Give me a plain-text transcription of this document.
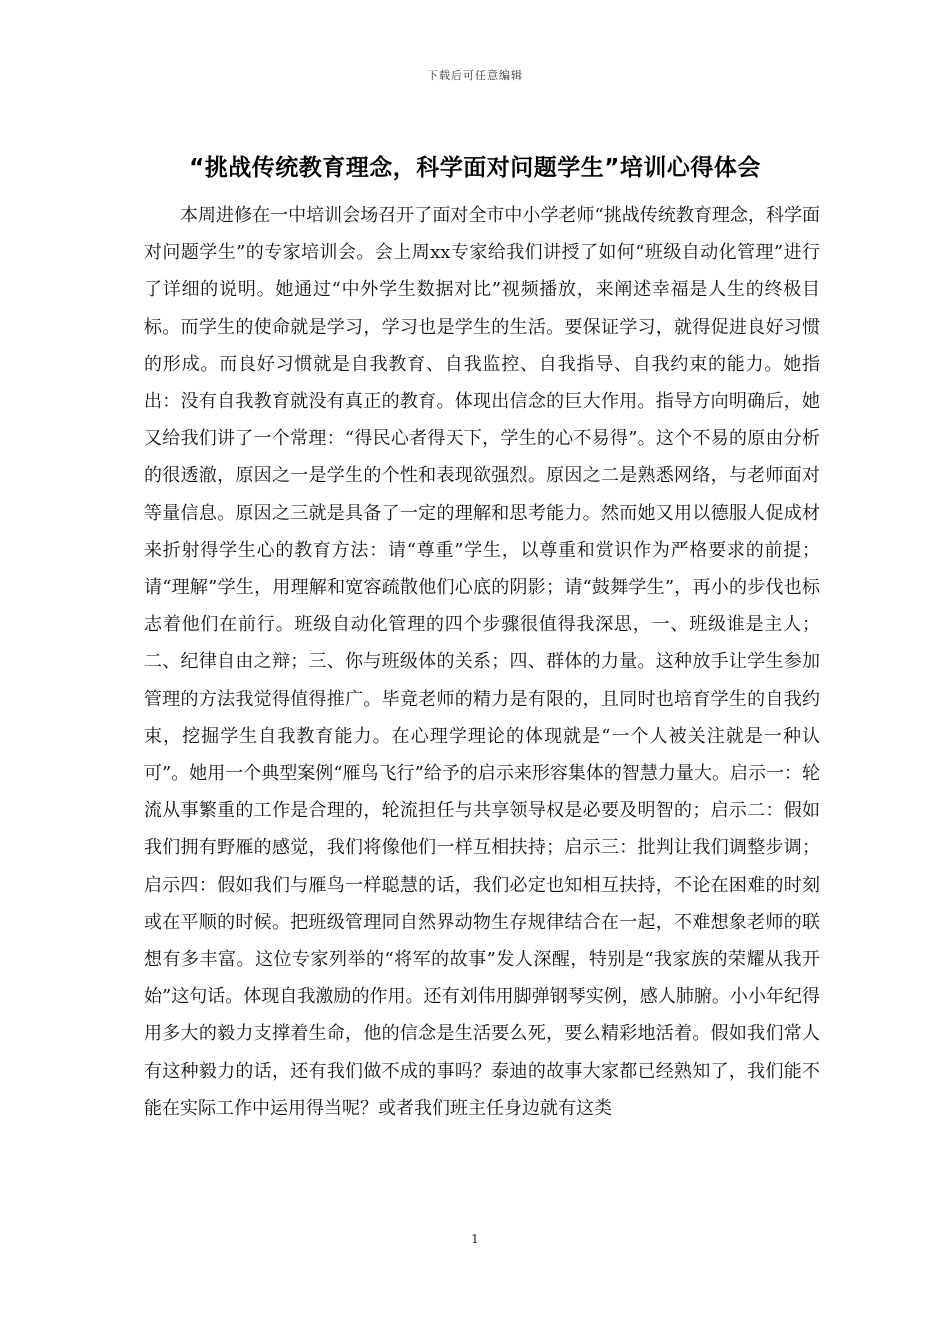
下载后可任意编辑
“挑战传统教育理念，科学面对问题学生”培训心得体会

本周进修在一中培训会场召开了面对全市中小学老师“挑战传统教育理念，科学面对问题学生”的专家培训会。会上周xx专家给我们讲授了如何“班级自动化管理”进行了详细的说明。她通过“中外学生数据对比”视频播放，来阐述幸福是人生的终极目标。而学生的使命就是学习，学习也是学生的生活。要保证学习，就得促进良好习惯的形成。而良好习惯就是自我教育、自我监控、自我指导、自我约束的能力。她指出：没有自我教育就没有真正的教育。体现出信念的巨大作用。指导方向明确后，她又给我们讲了一个常理：“得民心者得天下，学生的心不易得”。这个不易的原由分析的很透澈，原因之一是学生的个性和表现欲强烈。原因之二是熟悉网络，与老师面对等量信息。原因之三就是具备了一定的理解和思考能力。然而她又用以德服人促成材来折射得学生心的教育方法：请“尊重”学生，以尊重和赏识作为严格要求的前提；请“理解”学生，用理解和宽容疏散他们心底的阴影；请“鼓舞学生”，再小的步伐也标志着他们在前行。班级自动化管理的四个步骤很值得我深思，一、班级谁是主人；二、纪律自由之辩；三、你与班级体的关系；四、群体的力量。这种放手让学生参加管理的方法我觉得值得推广。毕竟老师的精力是有限的，且同时也培育学生的自我约束，挖掘学生自我教育能力。在心理学理论的体现就是“一个人被关注就是一种认可”。她用一个典型案例“雁鸟飞行”给予的启示来形容集体的智慧力量大。启示一：轮流从事繁重的工作是合理的，轮流担任与共享领导权是必要及明智的；启示二：假如我们拥有野雁的感觉，我们将像他们一样互相扶持；启示三：批判让我们调整步调；启示四：假如我们与雁鸟一样聪慧的话，我们必定也知相互扶持，不论在困难的时刻或在平顺的时候。把班级管理同自然界动物生存规律结合在一起，不难想象老师的联想有多丰富。这位专家列举的“将军的故事”发人深醒，特别是“我家族的荣耀从我开始”这句话。体现自我激励的作用。还有刘伟用脚弹钢琴实例，感人肺腑。小小年纪得用多大的毅力支撑着生命，他的信念是生活要么死，要么精彩地活着。假如我们常人有这种毅力的话，还有我们做不成的事吗？泰迪的故事大家都已经熟知了，我们能不能在实际工作中运用得当呢？或者我们班主任身边就有这类

1
